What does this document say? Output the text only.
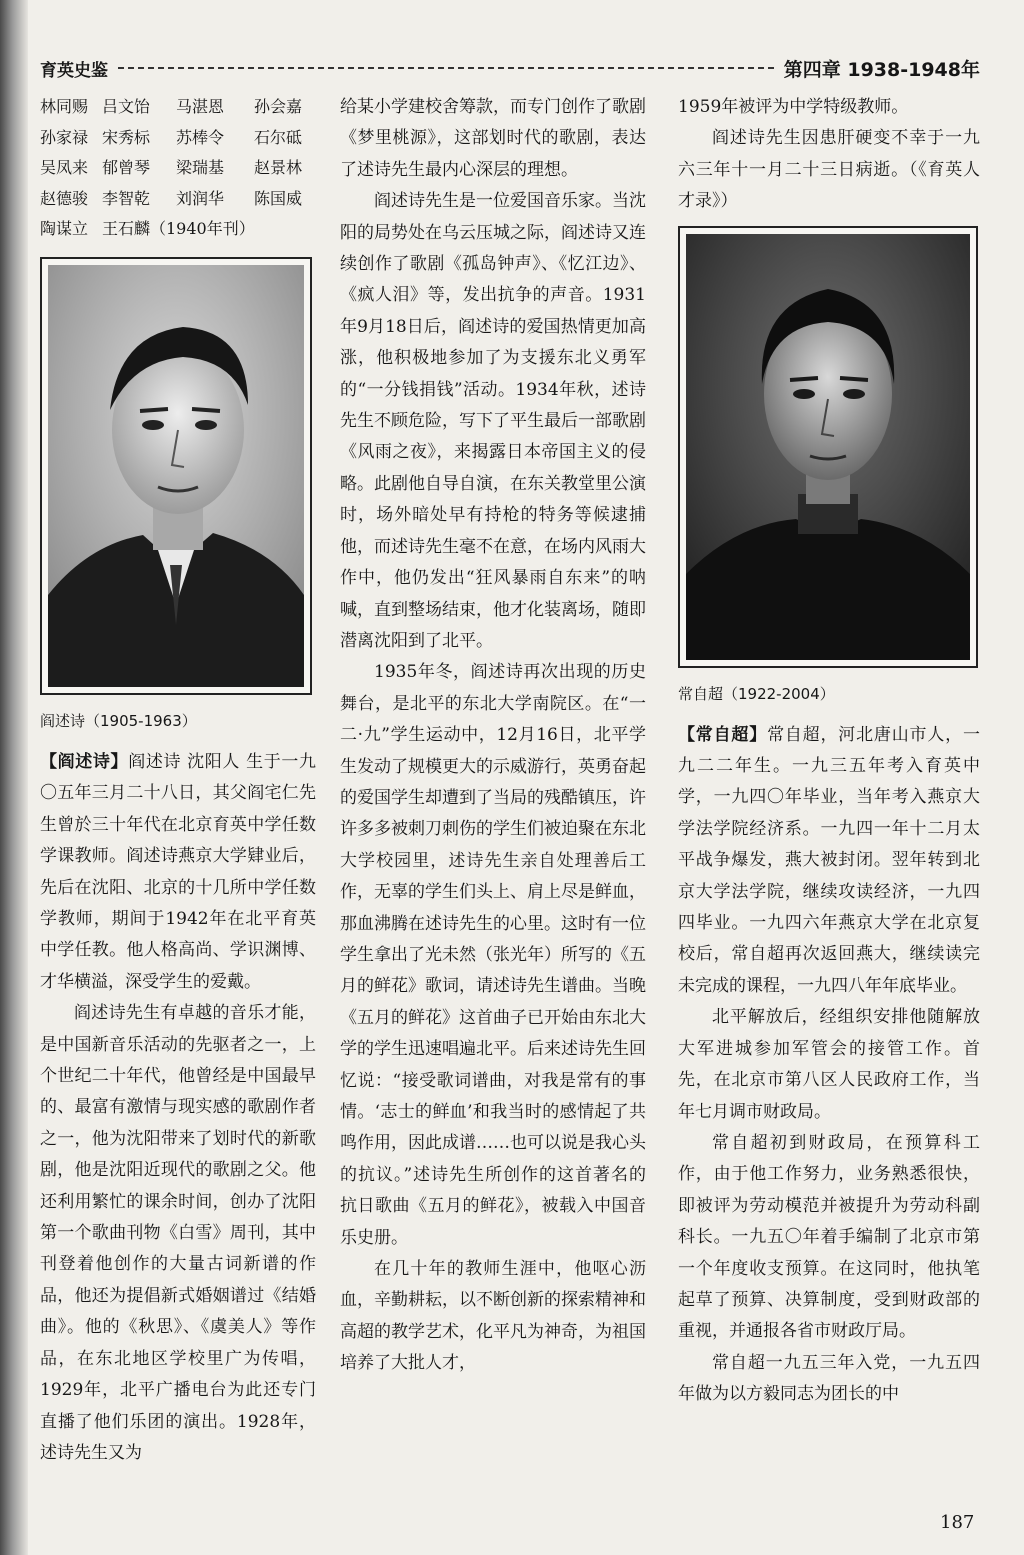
育英史鉴	第四章 1938-1948年
林同赐 吕文饴	马湛恩	孙会嘉
孙家禄 宋秀标	苏棒令	石尔砥
吴凤来 郁曾琴	梁瑞基	赵景林
赵德骏 李智乾	刘润华	陈国威
陶谋立 王石麟（1940年刊）
阎述诗（1905-1963）

【阎述诗】阎述诗 沈阳人 生于一九〇五年三月二十八日，其父阎宅仁先生曾於三十年代在北京育英中学任数学课教师。阎述诗燕京大学肄业后，先后在沈阳、北京的十几所中学任数学教师，期间于1942年在北平育英中学任教。他人格高尚、学识渊博、才华横溢，深受学生的爱戴。

阎述诗先生有卓越的音乐才能，是中国新音乐活动的先驱者之一，上个世纪二十年代，他曾经是中国最早的、最富有激情与现实感的歌剧作者之一，他为沈阳带来了划时代的新歌剧，他是沈阳近现代的歌剧之父。他还利用繁忙的课余时间，创办了沈阳第一个歌曲刊物《白雪》周刊，其中刊登着他创作的大量古词新谱的作品，他还为提倡新式婚姻谱过《结婚曲》。他的《秋思》、《虞美人》等作品，在东北地区学校里广为传唱，1929年，北平广播电台为此还专门直播了他们乐团的演出。1928年，述诗先生又为

给某小学建校舍筹款，而专门创作了歌剧《梦里桃源》，这部划时代的歌剧，表达了述诗先生最内心深层的理想。

阎述诗先生是一位爱国音乐家。当沈阳的局势处在乌云压城之际，阎述诗又连续创作了歌剧《孤岛钟声》、《忆江边》、《疯人泪》等，发出抗争的声音。1931年9月18日后，阎述诗的爱国热情更加高涨，他积极地参加了为支援东北义勇军的“一分钱捐钱”活动。1934年秋，述诗先生不顾危险，写下了平生最后一部歌剧《风雨之夜》，来揭露日本帝国主义的侵略。此剧他自导自演，在东关教堂里公演时，场外暗处早有持枪的特务等候逮捕他，而述诗先生毫不在意，在场内风雨大作中，他仍发出“狂风暴雨自东来”的呐喊，直到整场结束，他才化装离场，随即潜离沈阳到了北平。

1935年冬，阎述诗再次出现的历史舞台，是北平的东北大学南院区。在“一二·九”学生运动中，12月16日，北平学生发动了规模更大的示威游行，英勇奋起的爱国学生却遭到了当局的残酷镇压，许许多多被刺刀刺伤的学生们被迫聚在东北大学校园里，述诗先生亲自处理善后工作，无辜的学生们头上、肩上尽是鲜血，那血沸腾在述诗先生的心里。这时有一位学生拿出了光未然（张光年）所写的《五月的鲜花》歌词，请述诗先生谱曲。当晚《五月的鲜花》这首曲子已开始由东北大学的学生迅速唱遍北平。后来述诗先生回忆说：“接受歌词谱曲，对我是常有的事情。‘志士的鲜血’和我当时的感情起了共鸣作用，因此成谱……也可以说是我心头的抗议。”述诗先生所创作的这首著名的抗日歌曲《五月的鲜花》，被载入中国音乐史册。

在几十年的教师生涯中，他呕心沥血，辛勤耕耘，以不断创新的探索精神和高超的教学艺术，化平凡为神奇，为祖国培养了大批人才，

1959年被评为中学特级教师。

阎述诗先生因患肝硬变不幸于一九六三年十一月二十三日病逝。（《育英人才录》）

常自超（1922-2004）

【常自超】常自超，河北唐山市人，一九二二年生。一九三五年考入育英中学，一九四〇年毕业，当年考入燕京大学法学院经济系。一九四一年十二月太平战争爆发，燕大被封闭。翌年转到北京大学法学院，继续攻读经济，一九四四毕业。一九四六年燕京大学在北京复校后，常自超再次返回燕大，继续读完未完成的课程，一九四八年年底毕业。

北平解放后，经组织安排他随解放大军进城参加军管会的接管工作。首先，在北京市第八区人民政府工作，当年七月调市财政局。

常自超初到财政局，在预算科工作，由于他工作努力，业务熟悉很快，即被评为劳动模范并被提升为劳动科副科长。一九五〇年着手编制了北京市第一个年度收支预算。在这同时，他执笔起草了预算、决算制度，受到财政部的重视，并通报各省市财政厅局。

常自超一九五三年入党，一九五四年做为以方毅同志为团长的中

187
